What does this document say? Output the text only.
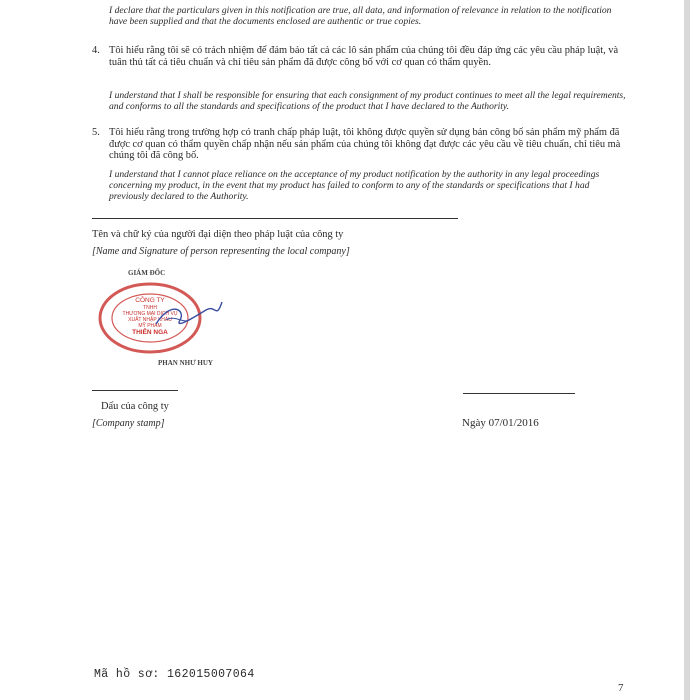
I declare that the particulars given in this notification are true, all data, and information of relevance in relation to the notification have been supplied and that the documents enclosed are authentic or true copies.
4. Tôi hiểu rằng tôi sẽ có trách nhiệm để đảm bảo tất cả các lô sản phẩm của chúng tôi đều đáp ứng các yêu cầu pháp luật, và tuân thủ tất cả tiêu chuẩn và chỉ tiêu sản phẩm đã được công bố với cơ quan có thẩm quyền.
I understand that I shall be responsible for ensuring that each consignment of my product continues to meet all the legal requirements, and conforms to all the standards and specifications of the product that I have declared to the Authority.
5. Tôi hiểu rằng trong trường hợp có tranh chấp pháp luật, tôi không được quyền sử dụng bản công bố sản phẩm mỹ phẩm đã được cơ quan có thẩm quyền chấp nhận nếu sản phẩm của chúng tôi không đạt được các yêu cầu về tiêu chuẩn, chỉ tiêu mà chúng tôi đã công bố.
I understand that I cannot place reliance on the acceptance of my product notification by the authority in any legal proceedings concerning my product, in the event that my product has failed to conform to any of the standards or specifications that I had previously declared to the Authority.
Tên và chữ ký của người đại diện theo pháp luật của công ty
[Name and Signature of person representing the local company]
GIÁM ĐỐC
CÔNG TY
TNHH
THƯƠNG MẠI DỊCH VỤ
XUẤT NHẬP KHẨU
MỸ PHẨM
THIÊN NGA
PHAN NHƯ HUY
Dấu của công ty
[Company stamp]	Ngày 07/01/2016
Mã hồ sơ: 162015007064
7
